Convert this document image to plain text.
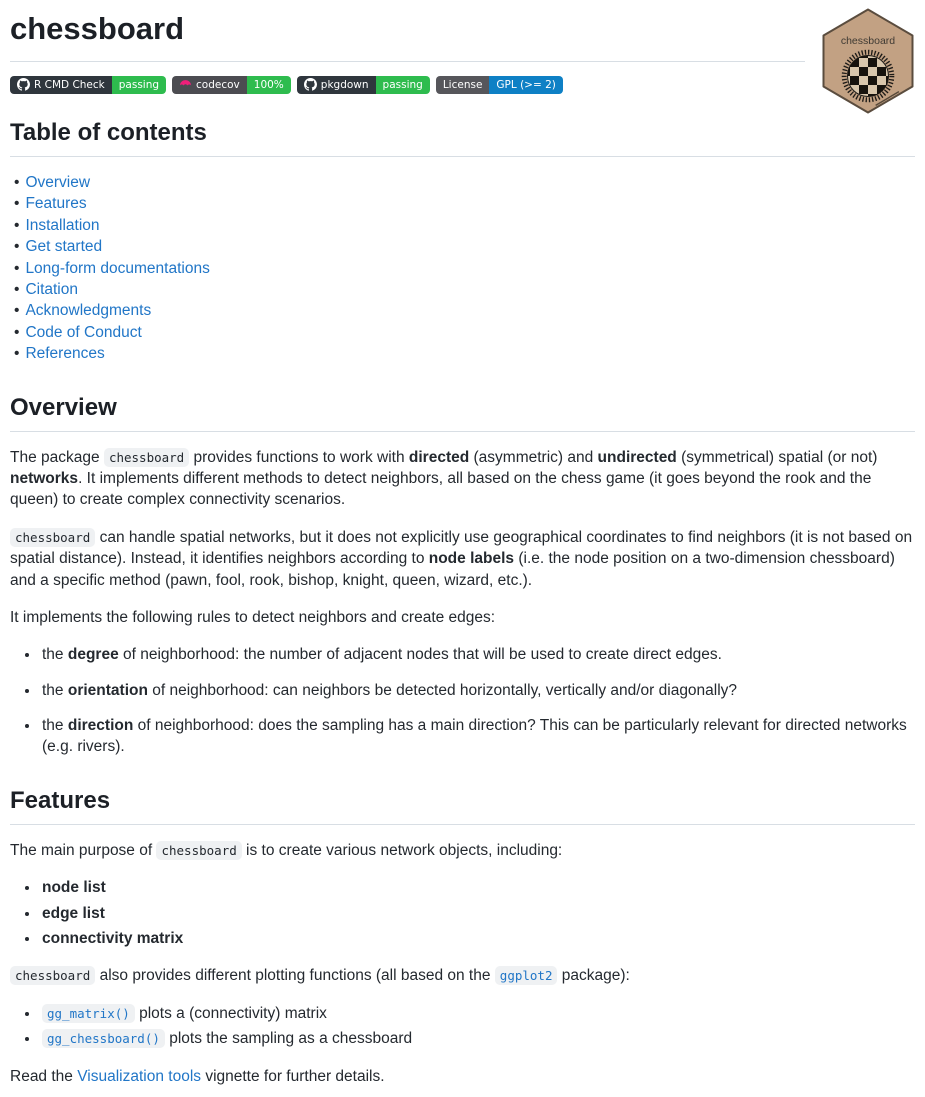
chessboard
chessboard
R CMD Check	passing	codecov	100%	pkgdown	passing	License	GPL (>= 2)
Table of contents
• Overview
• Features
• Installation
• Get started
• Long-form documentations
• Citation
• Acknowledgments
• Code of Conduct
• References
Overview

The package chessboard provides functions to work with directed (asymmetric) and undirected (symmetrical) spatial (or not) networks. It implements different methods to detect neighbors, all based on the chess game (it goes beyond the rook and the queen) to create complex connectivity scenarios.

chessboard can handle spatial networks, but it does not explicitly use geographical coordinates to find neighbors (it is not based on spatial distance). Instead, it identifies neighbors according to node labels (i.e. the node position on a two-dimension chessboard) and a specific method (pawn, fool, rook, bishop, knight, queen, wizard, etc.).

It implements the following rules to detect neighbors and create edges:

• the degree of neighborhood: the number of adjacent nodes that will be used to create direct edges.
• the orientation of neighborhood: can neighbors be detected horizontally, vertically and/or diagonally?
• the direction of neighborhood: does the sampling has a main direction? This can be particularly relevant for directed networks (e.g. rivers).
Features

The main purpose of chessboard is to create various network objects, including:

• node list
• edge list
• connectivity matrix

chessboard also provides different plotting functions (all based on the ggplot2 package):

• gg_matrix() plots a (connectivity) matrix
• gg_chessboard() plots the sampling as a chessboard

Read the Visualization tools vignette for further details.
